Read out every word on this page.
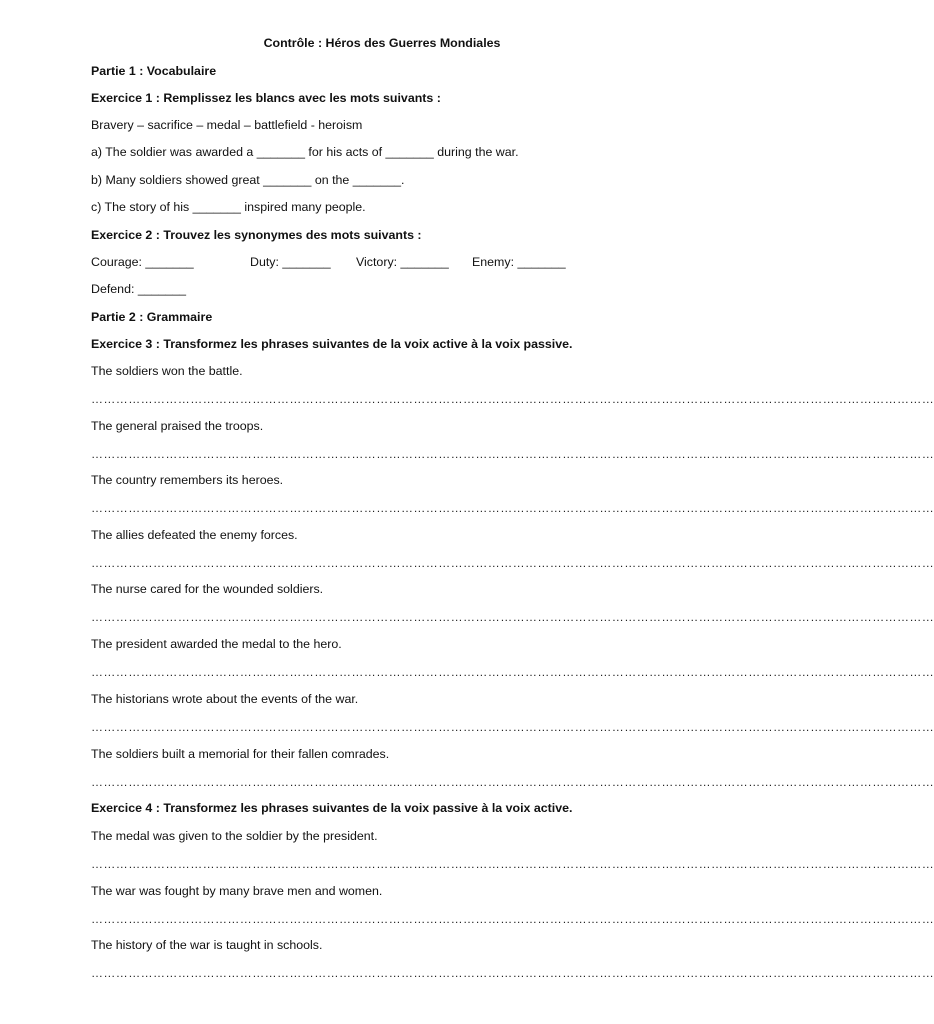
Contrôle : Héros des Guerres Mondiales
Partie 1 : Vocabulaire
Exercice 1 : Remplissez les blancs avec les mots suivants :
Bravery – sacrifice – medal – battlefield - heroism
a) The soldier was awarded a _______ for his acts of _______ during the war.
b) Many soldiers showed great _______ on the _______.
c) The story of his _______ inspired many people.
Exercice 2 : Trouvez les synonymes des mots suivants :
Courage: _______	Duty: _______ Victory: _______ Enemy: _______
Defend: _______
Partie 2 : Grammaire
Exercice 3 : Transformez les phrases suivantes de la voix active à la voix passive.
The soldiers won the battle.
……………………………………………………………………………………………………………………………………………………………………………………
The general praised the troops.
……………………………………………………………………………………………………………………………………………………………………………………
The country remembers its heroes.
……………………………………………………………………………………………………………………………………………………………………………………
The allies defeated the enemy forces.
……………………………………………………………………………………………………………………………………………………………………………………
The nurse cared for the wounded soldiers.
……………………………………………………………………………………………………………………………………………………………………………………
The president awarded the medal to the hero.
……………………………………………………………………………………………………………………………………………………………………………………
The historians wrote about the events of the war.
……………………………………………………………………………………………………………………………………………………………………………………
The soldiers built a memorial for their fallen comrades.
……………………………………………………………………………………………………………………………………………………………………………………
Exercice 4 : Transformez les phrases suivantes de la voix passive à la voix active.
The medal was given to the soldier by the president.
……………………………………………………………………………………………………………………………………………………………………………………
The war was fought by many brave men and women.
……………………………………………………………………………………………………………………………………………………………………………………
The history of the war is taught in schools.
……………………………………………………………………………………………………………………………………………………………………………………
